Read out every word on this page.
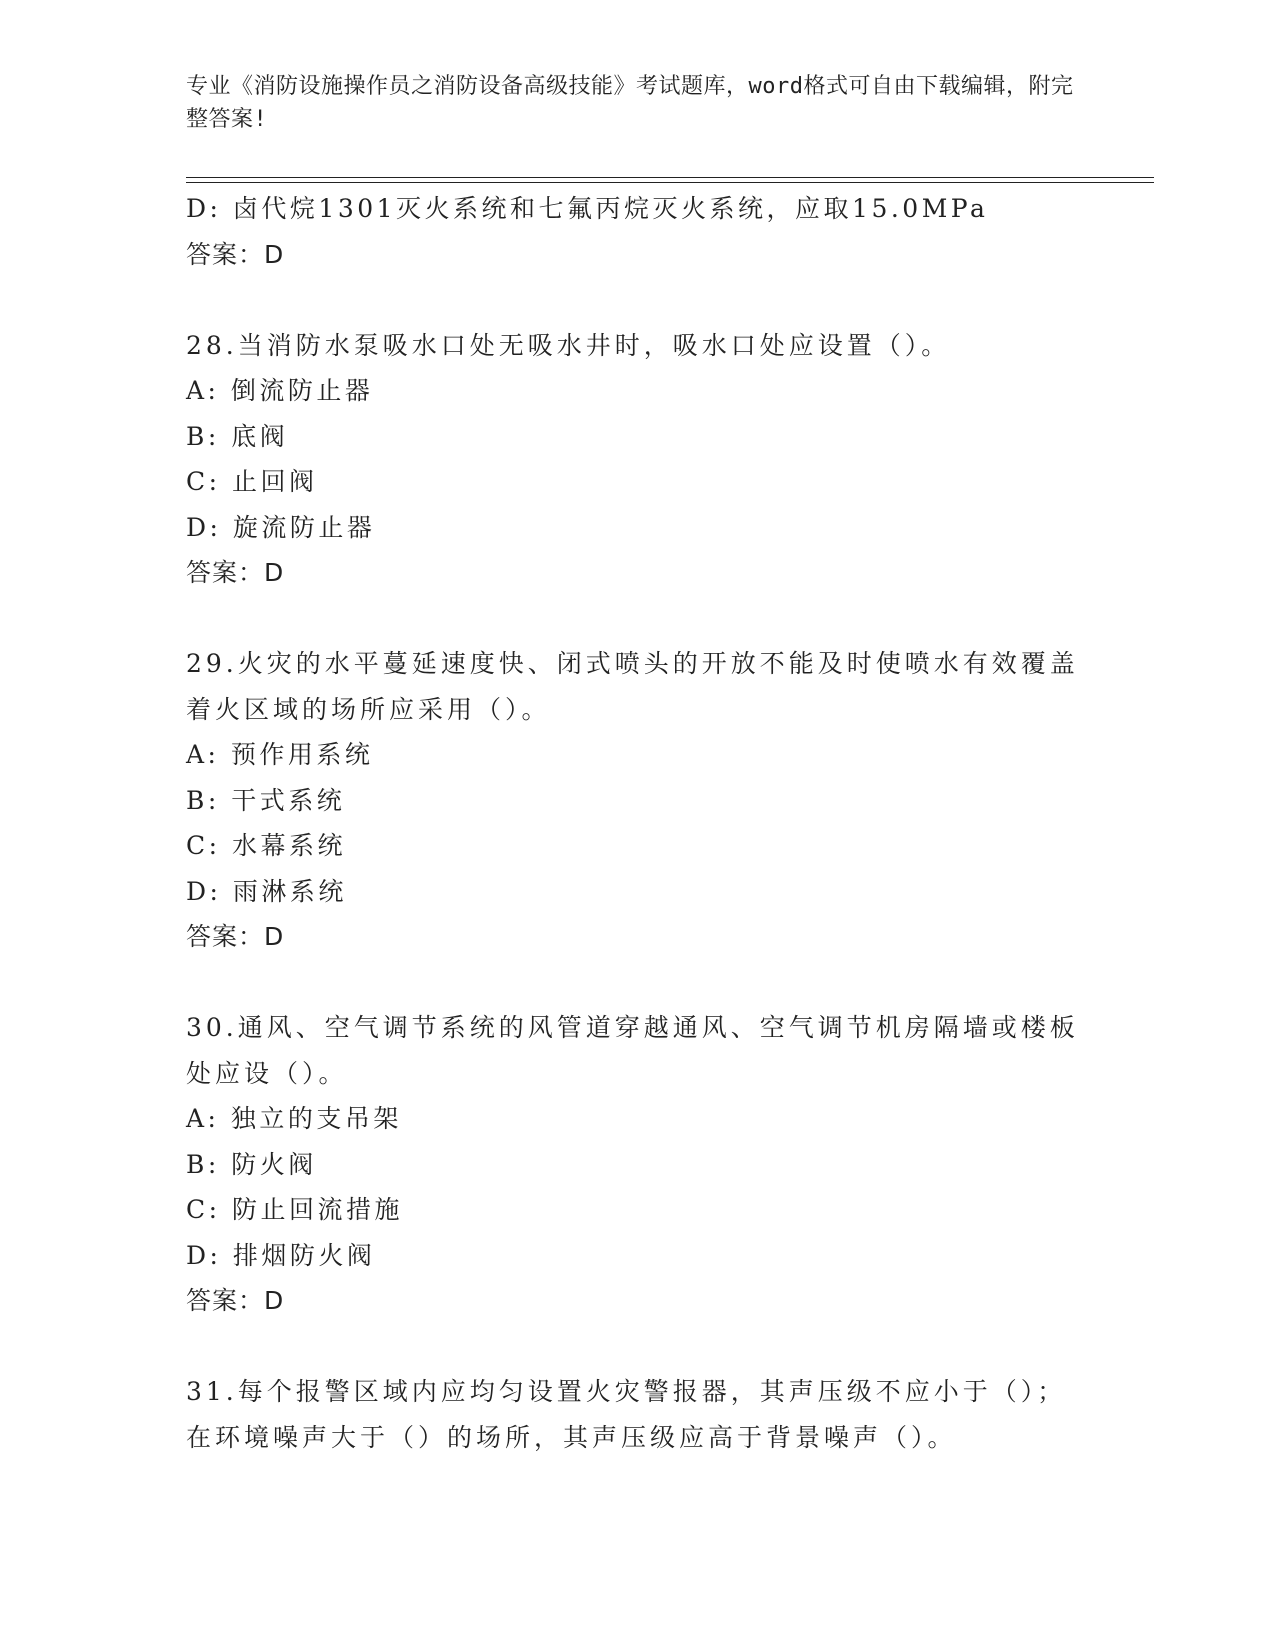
专业《消防设施操作员之消防设备高级技能》考试题库，word格式可自由下载编辑，附完整答案!
D: 卤代烷1301灭火系统和七氟丙烷灭火系统，应取15.0MPa
答案：D
28.当消防水泵吸水口处无吸水井时，吸水口处应设置（）。
A: 倒流防止器
B: 底阀
C: 止回阀
D: 旋流防止器
答案：D
29.火灾的水平蔓延速度快、闭式喷头的开放不能及时使喷水有效覆盖着火区域的场所应采用（）。
A: 预作用系统
B: 干式系统
C: 水幕系统
D: 雨淋系统
答案：D
30.通风、空气调节系统的风管道穿越通风、空气调节机房隔墙或楼板处应设（）。
A: 独立的支吊架
B: 防火阀
C: 防止回流措施
D: 排烟防火阀
答案：D
31.每个报警区域内应均匀设置火灾警报器，其声压级不应小于（）；在环境噪声大于（）的场所，其声压级应高于背景噪声（）。
